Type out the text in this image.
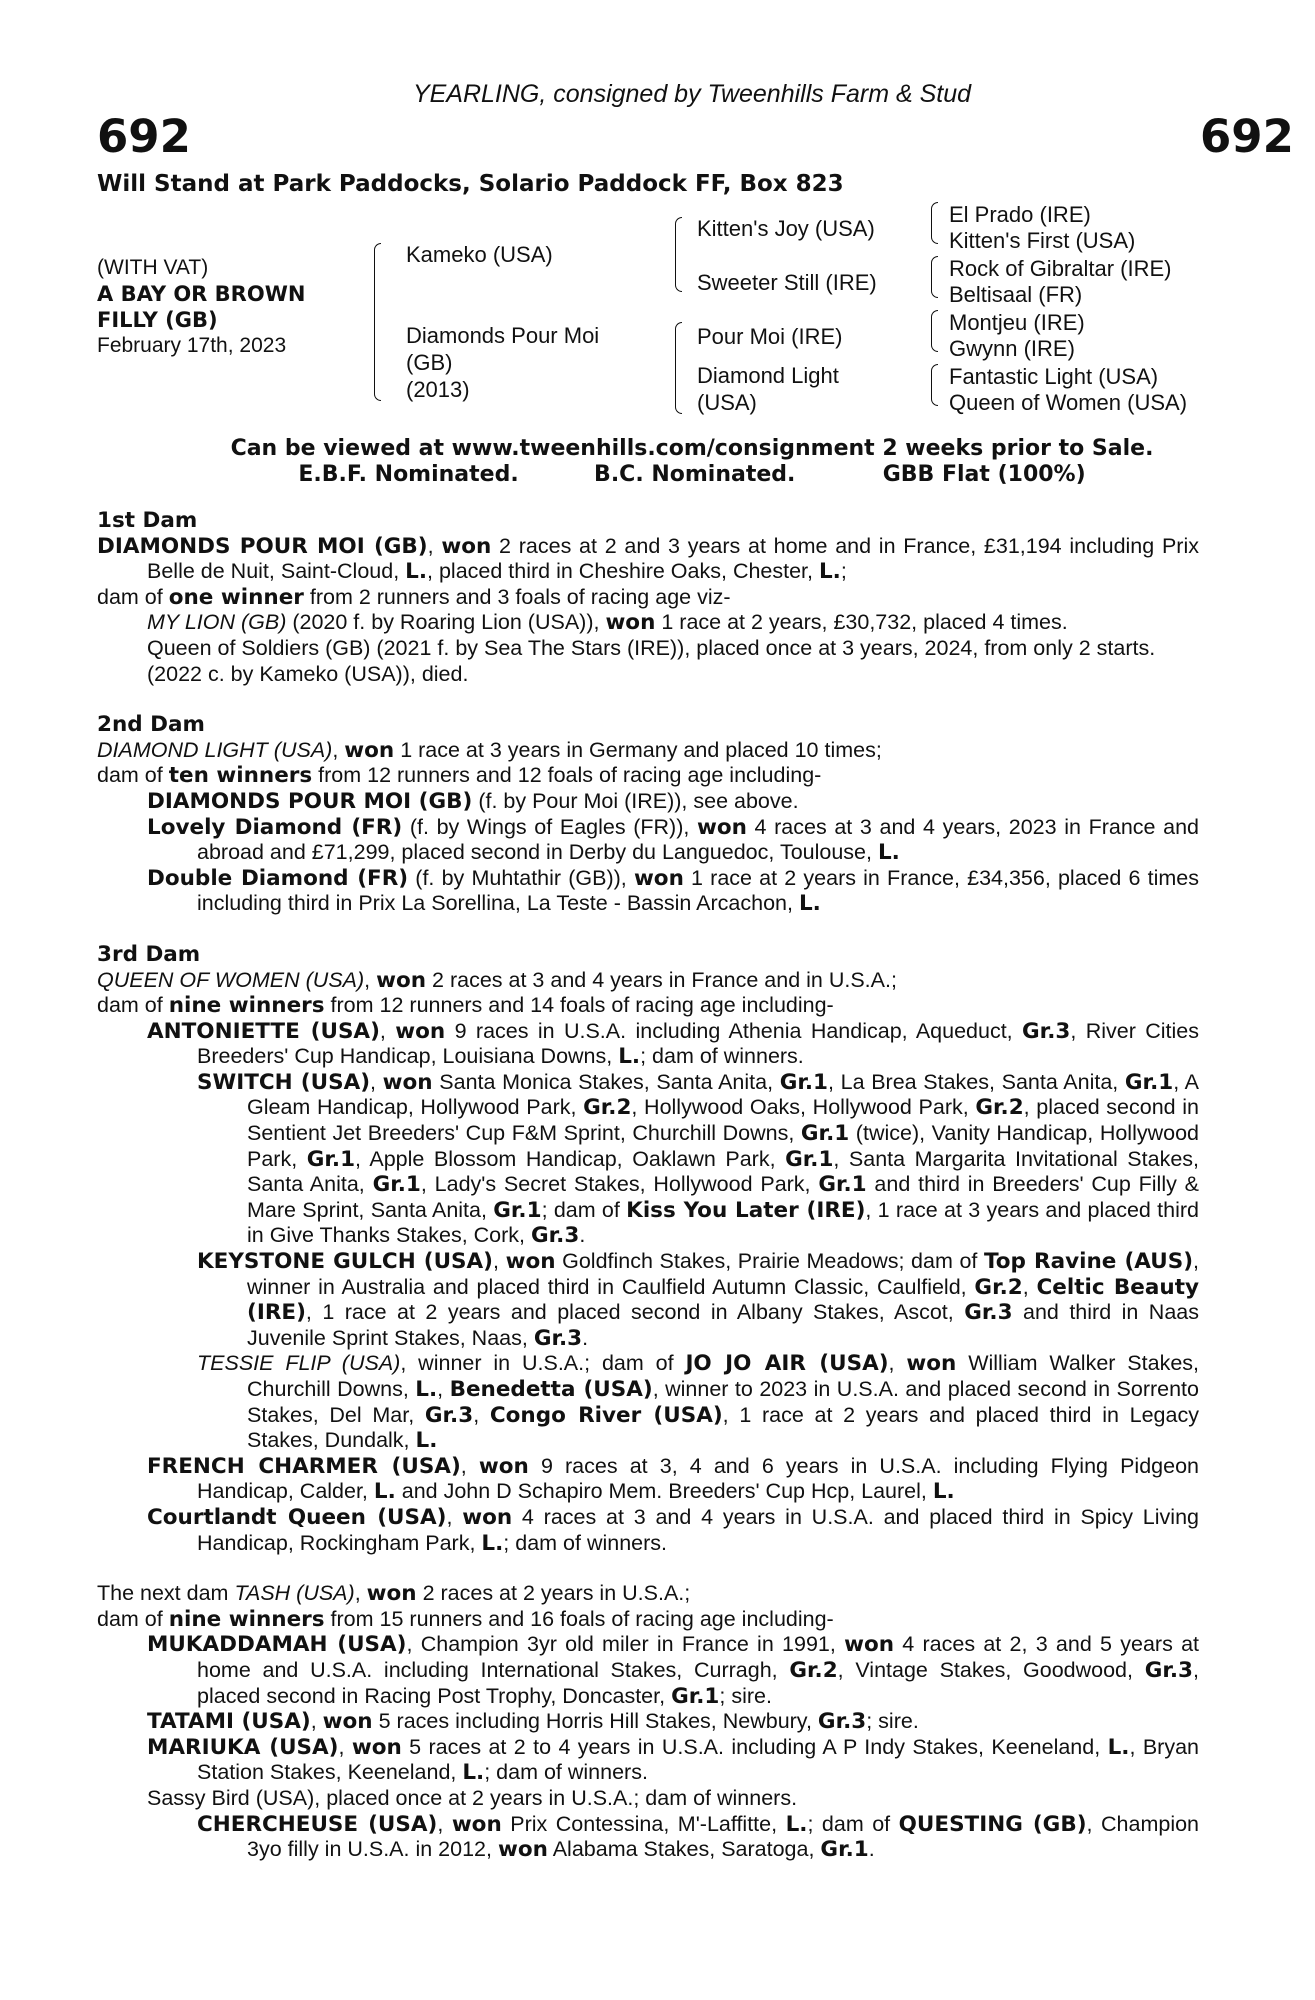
YEARLING, consigned by Tweenhills Farm & Stud
692	692
Will Stand at Park Paddocks, Solario Paddock FF, Box 823
(WITH VAT)
A BAY OR BROWN
FILLY (GB)
February 17th, 2023
Kameko (USA)
Diamonds Pour Moi
(GB)
(2013)
Kitten's Joy (USA)
Sweeter Still (IRE)
Pour Moi (IRE)
Diamond Light
(USA)
El Prado (IRE)
Kitten's First (USA)
Rock of Gibraltar (IRE)
Beltisaal (FR)
Montjeu (IRE)
Gwynn (IRE)
Fantastic Light (USA)
Queen of Women (USA)
Can be viewed at www.tweenhills.com/consignment 2 weeks prior to Sale.
E.B.F. Nominated.	B.C. Nominated.	GBB Flat (100%)
1st Dam

DIAMONDS POUR MOI (GB), won 2 races at 2 and 3 years at home and in France, £31,194 including Prix Belle de Nuit, Saint-Cloud, L., placed third in Cheshire Oaks, Chester, L.;

dam of one winner from 2 runners and 3 foals of racing age viz-

MY LION (GB) (2020 f. by Roaring Lion (USA)), won 1 race at 2 years, £30,732, placed 4 times.

Queen of Soldiers (GB) (2021 f. by Sea The Stars (IRE)), placed once at 3 years, 2024, from only 2 starts.

(2022 c. by Kameko (USA)), died.

2nd Dam

DIAMOND LIGHT (USA), won 1 race at 3 years in Germany and placed 10 times;

dam of ten winners from 12 runners and 12 foals of racing age including-

DIAMONDS POUR MOI (GB) (f. by Pour Moi (IRE)), see above.

Lovely Diamond (FR) (f. by Wings of Eagles (FR)), won 4 races at 3 and 4 years, 2023 in France and abroad and £71,299, placed second in Derby du Languedoc, Toulouse, L.

Double Diamond (FR) (f. by Muhtathir (GB)), won 1 race at 2 years in France, £34,356, placed 6 times including third in Prix La Sorellina, La Teste - Bassin Arcachon, L.

3rd Dam

QUEEN OF WOMEN (USA), won 2 races at 3 and 4 years in France and in U.S.A.;

dam of nine winners from 12 runners and 14 foals of racing age including-

ANTONIETTE (USA), won 9 races in U.S.A. including Athenia Handicap, Aqueduct, Gr.3, River Cities Breeders' Cup Handicap, Louisiana Downs, L.; dam of winners.

SWITCH (USA), won Santa Monica Stakes, Santa Anita, Gr.1, La Brea Stakes, Santa Anita, Gr.1, A Gleam Handicap, Hollywood Park, Gr.2, Hollywood Oaks, Hollywood Park, Gr.2, placed second in Sentient Jet Breeders' Cup F&M Sprint, Churchill Downs, Gr.1 (twice), Vanity Handicap, Hollywood Park, Gr.1, Apple Blossom Handicap, Oaklawn Park, Gr.1, Santa Margarita Invitational Stakes, Santa Anita, Gr.1, Lady's Secret Stakes, Hollywood Park, Gr.1 and third in Breeders' Cup Filly & Mare Sprint, Santa Anita, Gr.1; dam of Kiss You Later (IRE), 1 race at 3 years and placed third in Give Thanks Stakes, Cork, Gr.3.

KEYSTONE GULCH (USA), won Goldfinch Stakes, Prairie Meadows; dam of Top Ravine (AUS), winner in Australia and placed third in Caulfield Autumn Classic, Caulfield, Gr.2, Celtic Beauty (IRE), 1 race at 2 years and placed second in Albany Stakes, Ascot, Gr.3 and third in Naas Juvenile Sprint Stakes, Naas, Gr.3.

TESSIE FLIP (USA), winner in U.S.A.; dam of JO JO AIR (USA), won William Walker Stakes, Churchill Downs, L., Benedetta (USA), winner to 2023 in U.S.A. and placed second in Sorrento Stakes, Del Mar, Gr.3, Congo River (USA), 1 race at 2 years and placed third in Legacy Stakes, Dundalk, L.

FRENCH CHARMER (USA), won 9 races at 3, 4 and 6 years in U.S.A. including Flying Pidgeon Handicap, Calder, L. and John D Schapiro Mem. Breeders' Cup Hcp, Laurel, L.

Courtlandt Queen (USA), won 4 races at 3 and 4 years in U.S.A. and placed third in Spicy Living Handicap, Rockingham Park, L.; dam of winners.

The next dam TASH (USA), won 2 races at 2 years in U.S.A.;

dam of nine winners from 15 runners and 16 foals of racing age including-

MUKADDAMAH (USA), Champion 3yr old miler in France in 1991, won 4 races at 2, 3 and 5 years at home and U.S.A. including International Stakes, Curragh, Gr.2, Vintage Stakes, Goodwood, Gr.3, placed second in Racing Post Trophy, Doncaster, Gr.1; sire.

TATAMI (USA), won 5 races including Horris Hill Stakes, Newbury, Gr.3; sire.

MARIUKA (USA), won 5 races at 2 to 4 years in U.S.A. including A P Indy Stakes, Keeneland, L., Bryan Station Stakes, Keeneland, L.; dam of winners.

Sassy Bird (USA), placed once at 2 years in U.S.A.; dam of winners.

CHERCHEUSE (USA), won Prix Contessina, M'-Laffitte, L.; dam of QUESTING (GB), Champion 3yo filly in U.S.A. in 2012, won Alabama Stakes, Saratoga, Gr.1.
